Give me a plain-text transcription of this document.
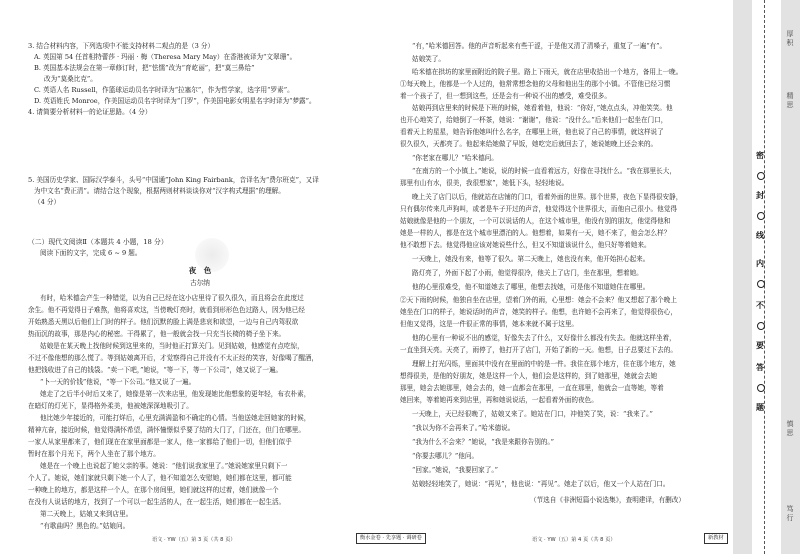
3. 结合材料内容，下列选项中不能支持材料二观点的是（3 分）
A. 英国第 54 任首相特蕾莎 · 玛丽 · 梅（Theresa Mary May）在香港被译为“文翠珊”。
B. 英国基本法规会在第一章修订时，把“怯懦”改为“育屹丽”，把“莫三鼻给”
改为“莫桑比克”。
C. 英语人名 Russell，作篮球运动员名字时译为“拉塞尔”，作为哲学家，选字用“罗素”。
D. 英语姓氏 Monroe，作美国运动员名字时译为“门罗”，作美国电影女明星名字时译为“梦露”。
4. 请简要分析材料一的论证思路。（4 分）
5. 美国历史学家、国际汉学泰斗，头号“中国通”John King Fairbank，音译名为“费尔班克”，又译
为中文名“费正清”。请结合这个现象，根据两则材料谈谈你对“汉字构式理据”的理解。
（4 分）
（二）现代文阅读Ⅱ（本题共 4 小题，18 分）
阅读下面的文字，完成 6 ~ 9 题。
夜　色
古尔纳
有时，哈米德会产生一种错觉，以为自己已经在这小店里待了很久很久，而且将会在此度过
余生。他不再觉得日子难熬，他将喜欢这，当傍晚灯亮时，就看到形形色色过路人，因为他已经
开始熟悉天黑以后他们上门时的样子。他们沉默的脸上满是悲哀和欲望，一边与自己内驾驭欲
热而沉的故事，那是内心的秘密。干得累了，他一般就会找一只充当长椅的椅子坐下来。
姑娘是在某天晚上找他时候到这里来的，当时他正打算关门。见到姑娘，他感觉有点吃惊，
不过不像他想的那么慌了。等到姑娘离开后，才觉察得自己并没有不太正经的笑容，好像喝了醒酒，
他把钱收进了自己的钱袋。“卖一下吧，”她说，“等一下，等一下公司“，她又说了一遍。
“卜一天的价钱”他说，“等一下公司。”他又说了一遍。
她走了之后半小时后又来了，她像是第一次来店里，他发现她比他想象的更年轻，布衣朴素，
在暗灯的灯光下，显得格外柔美，他被她深深地吸引了。
他比她少年接近的，可能打烊后，心里充满满盈和不确定的心情。当他送她走回她家的时候，
精神亢奋，接近时候，他觉得满怀希望，满怀憧憬似乎要了结的大门了，门还在，但门在哪里。
一家人从家里都来了，他们现在在家里面都是一家人，他一家都给了他们一切，但他们似乎
暂时在那个月光下，两个人坐在了那个地方。
她是在一个晚上也说起了她父亲的事。她说：“他们说我家里了。”她说她家里只剩下一
个人了。她说，她们家就只剩下她一个人了，他不知道怎么安慰她，她们都在这里，都可能
一种晚上的地方，都是这样一个人，在那个房间里，她们就这样的过着，她们就像一个
在没有人说话的地方，找到了一个可以一起生活的人，在一起生活，她们都在一起生活。
第二天晚上，姑娘又来到店里。
“有歌曲吗？黑色的。”姑娘问。
“有，”哈米德回答。他的声音听起来有些干涩，于是他又清了清嗓子，重复了一遍“有”。
姑娘笑了。
哈米德在拱坊的家里面附近的院子里。路上下雨天，就在店里收拾出一个地方，备用上一晚。
①每天晚上，他都是一个人过的，他常常想念他的父母和他出生的那个小镇。不管他已经习惯
着一个孩子了，但一想到这些，还是会有一种说不出的感受，难受很多。
姑娘再到店里来的时候是下班的时候，她看着他，他说：“你好，”她点点头，冲他笑笑。他
也开心地笑了，给她倒了一杯茶，她说：“谢谢”，他说：“没什么。”后来他们一起坐在门口，
看着天上的星星，她告诉他她叫什么名字，在哪里上班，他也说了自己的事情，就这样说了
很久很久，天都亮了。他起来给她做了早饭，她吃完后就回去了，她说她晚上还会来的。
“你老家在哪儿？”哈米德问。
“在南方的一个小镇上。”她说，说的时候一直看着远方，好像在寻找什么。“我在那里长大，
那里有山有水，很美，我很想家”，她低下头，轻轻地说。
晚上关了店门以后，他就站在店铺的门口，看着外面的世界。那个世界，夜色下显得很安静，
只有偶尔传来几声狗叫，或者是车子开过的声音，他觉得这个世界很大，而他自己很小。他觉得
姑娘就像是他的一个朋友，一个可以说话的人，在这个城市里，他没有别的朋友，他觉得他和
她是一样的人，都是在这个城市里漂泊的人。他想着，如果有一天，她不来了，他会怎么样？
他不敢想下去。他觉得他应该对她说些什么，但又不知道该说什么，他只好等着她来。
一天晚上，她没有来，他等了很久。第二天晚上，她也没有来，他开始担心起来。
路灯亮了，外面下起了小雨，他觉得很冷，他关上了店门，坐在那里，想着她。
他的心里很难受，他不知道她去了哪里，他想去找她，可是他不知道她住在哪里。
②天下雨的时候，他独自坐在店里，望着门外的雨，心里想：她会不会来？他又想起了那个晚上
她坐在门口的样子，她说话时的声音，她笑的样子。他想，也许她不会再来了，他觉得很伤心，
但他又觉得，这是一件很正常的事情，她本来就不属于这里。
他的心里有一种说不出的感觉，好像失去了什么，又好像什么都没有失去。他就这样坐着，
一直坐到天亮。天亮了，雨停了，他打开了店门，开始了新的一天。他想，日子总要过下去的。
理解上打光闪烁，里面其中没有在里面的中的是一件。我住在那个地方，住在那个地方，她
想得很美，是他的好朋友，她是这样一个人，他们会是这样的，到了她那里，她就会去她
那里，她会去她那里，她会去的，她一直都会在那里，一直在那里，他就会一直等她，等着
她回来，等着她再来到店里，再和她说说话，一起看着外面的夜色。
一天晚上，天已经很晚了，姑娘又来了。她站在门口，冲他笑了笑，说：“我来了。”
“我以为你不会再来了。”哈米德说。
“我为什么不会来？”她说，“我是来跟你告别的。”
“你要去哪儿？”他问。
“回家。”她说，“我要回家了。”
姑娘轻轻地笑了，她说：“再见”，他也说：“再见”。她走了以后，他又一个人站在门口。
（节选自《非洲短篇小说选集》，查明建译，有删改）
语文 · YW（五）第 3 页（共 8 页）	衡水金卷 · 先享题 · 调研卷	语文 · YW（五）第 4 页（共 8 页）	新教材
厚积
精思
慎思
笃行
密
封
线
内
不
要
答
题
